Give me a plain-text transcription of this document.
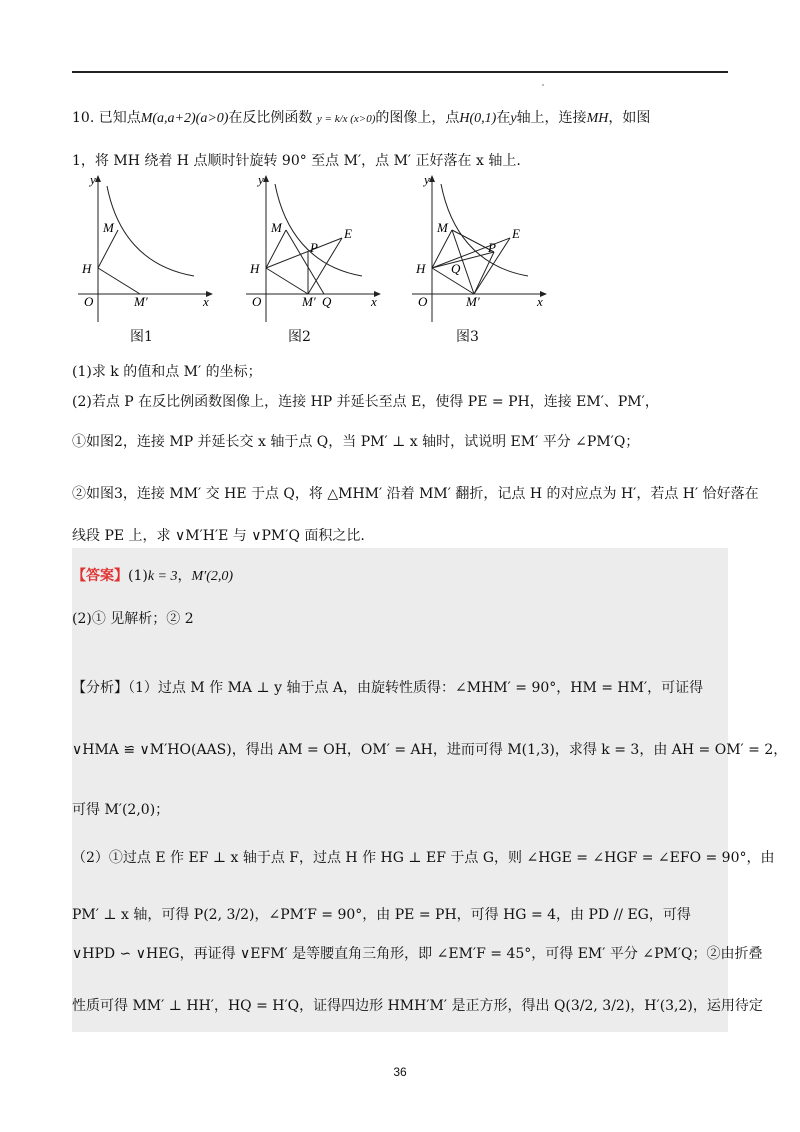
10. 已知点M(a,a+2)(a>0)在反比例函数 y = k/x (x>0)的图像上，点H(0,1)在y轴上，连接MH，如图
1，将 MH 绕着 H 点顺时针旋转 90° 至点 M′，点 M′ 正好落在 x 轴上.
y
x
O
M
H
M′
y
x
O
M
H
P
E
M′ Q
y
x
O
M
H
P
E
Q
M′
图1	图2	图3
(1)求 k 的值和点 M′ 的坐标；
(2)若点 P 在反比例函数图像上，连接 HP 并延长至点 E，使得 PE = PH，连接 EM′、PM′，
①如图2，连接 MP 并延长交 x 轴于点 Q，当 PM′ ⊥ x 轴时，试说明 EM′ 平分 ∠PM′Q；
②如图3，连接 MM′ 交 HE 于点 Q，将 △MHM′ 沿着 MM′ 翻折，记点 H 的对应点为 H′，若点 H′ 恰好落在
线段 PE 上，求 ∨M′H′E 与 ∨PM′Q 面积之比.
【答案】(1)k = 3，M′(2,0)
(2)① 见解析；② 2
【分析】（1）过点 M 作 MA ⊥ y 轴于点 A，由旋转性质得：∠MHM′ = 90°，HM = HM′，可证得
∨HMA ≌ ∨M′HO(AAS)，得出 AM = OH，OM′ = AH，进而可得 M(1,3)，求得 k = 3，由 AH = OM′ = 2，
可得 M′(2,0)；
（2）①过点 E 作 EF ⊥ x 轴于点 F，过点 H 作 HG ⊥ EF 于点 G，则 ∠HGE = ∠HGF = ∠EFO = 90°，由
PM′ ⊥ x 轴，可得 P(2, 3/2)，∠PM′F = 90°，由 PE = PH，可得 HG = 4，由 PD // EG，可得
∨HPD ∽ ∨HEG，再证得 ∨EFM′ 是等腰直角三角形，即 ∠EM′F = 45°，可得 EM′ 平分 ∠PM′Q；②由折叠
性质可得 MM′ ⊥ HH′，HQ = H′Q，证得四边形 HMH′M′ 是正方形，得出 Q(3/2, 3/2)，H′(3,2)，运用待定
36
